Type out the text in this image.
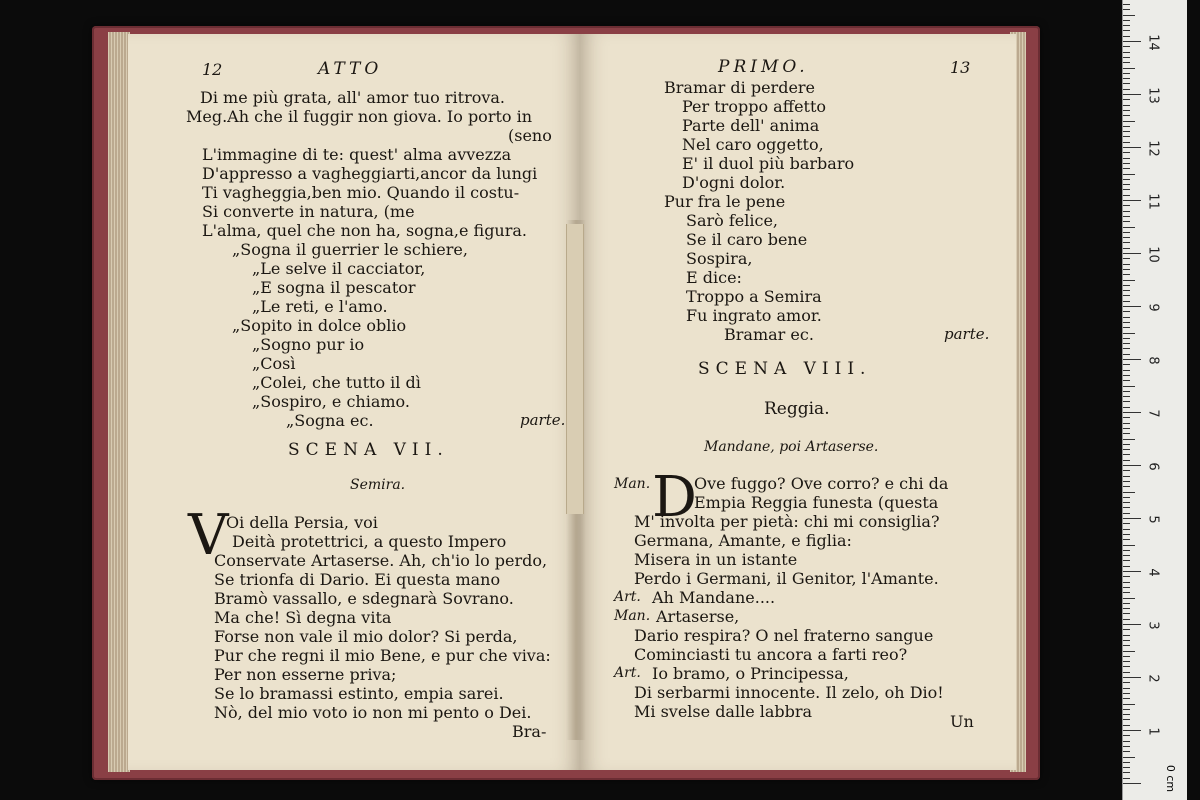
12	ATTO
Di me più grata, all' amor tuo ritrova.
Meg.Ah che il fuggir non giova. Io porto in
(seno
L'immagine di te: quest' alma avvezza
D'appresso a vagheggiarti,ancor da lungi
Ti vagheggia,ben mio. Quando il costu-
Si converte in natura, (me
L'alma, quel che non ha, sogna,e figura.
„Sogna il guerrier le schiere,
„Le selve il cacciator,
„E sogna il pescator
„Le reti, e l'amo.
„Sopito in dolce oblio
„Sogno pur io
„Così
„Colei, che tutto il dì
„Sospiro, e chiamo.
„Sogna ec.	parte.
SCENA VII.
Semira.
V
Oi della Persia, voi
Deità protettrici, a questo Impero
Conservate Artaserse. Ah, ch'io lo perdo,
Se trionfa di Dario. Ei questa mano
Bramò vassallo, e sdegnarà Sovrano.
Ma che! Sì degna vita
Forse non vale il mio dolor? Si perda,
Pur che regni il mio Bene, e pur che viva:
Per non esserne priva;
Se lo bramassi estinto, empia sarei.
Nò, del mio voto io non mi pento o Dei.
Bra-
PRIMO.	13
Bramar di perdere
Per troppo affetto
Parte dell' anima
Nel caro oggetto,
E' il duol più barbaro
D'ogni dolor.
Pur fra le pene
Sarò felice,
Se il caro bene
Sospira,
E dice:
Troppo a Semira
Fu ingrato amor.
Bramar ec.	parte.
SCENA VIII.
Reggia.
Mandane, poi Artaserse.
Man. D
Ove fuggo? Ove corro? e chi da
Empia Reggia funesta (questa
M' involta per pietà: chi mi consiglia?
Germana, Amante, e figlia:
Misera in un istante
Perdo i Germani, il Genitor, l'Amante.
Art. Ah Mandane....
Man. Artaserse,
Dario respira? O nel fraterno sangue
Cominciasti tu ancora a farti reo?
Art. Io bramo, o Principessa,
Di serbarmi innocente. Il zelo, oh Dio!
Mi svelse dalle labbra
Un
14
13
12
11
10
9
8
7
6
5
4
3
2
1
0 cm
